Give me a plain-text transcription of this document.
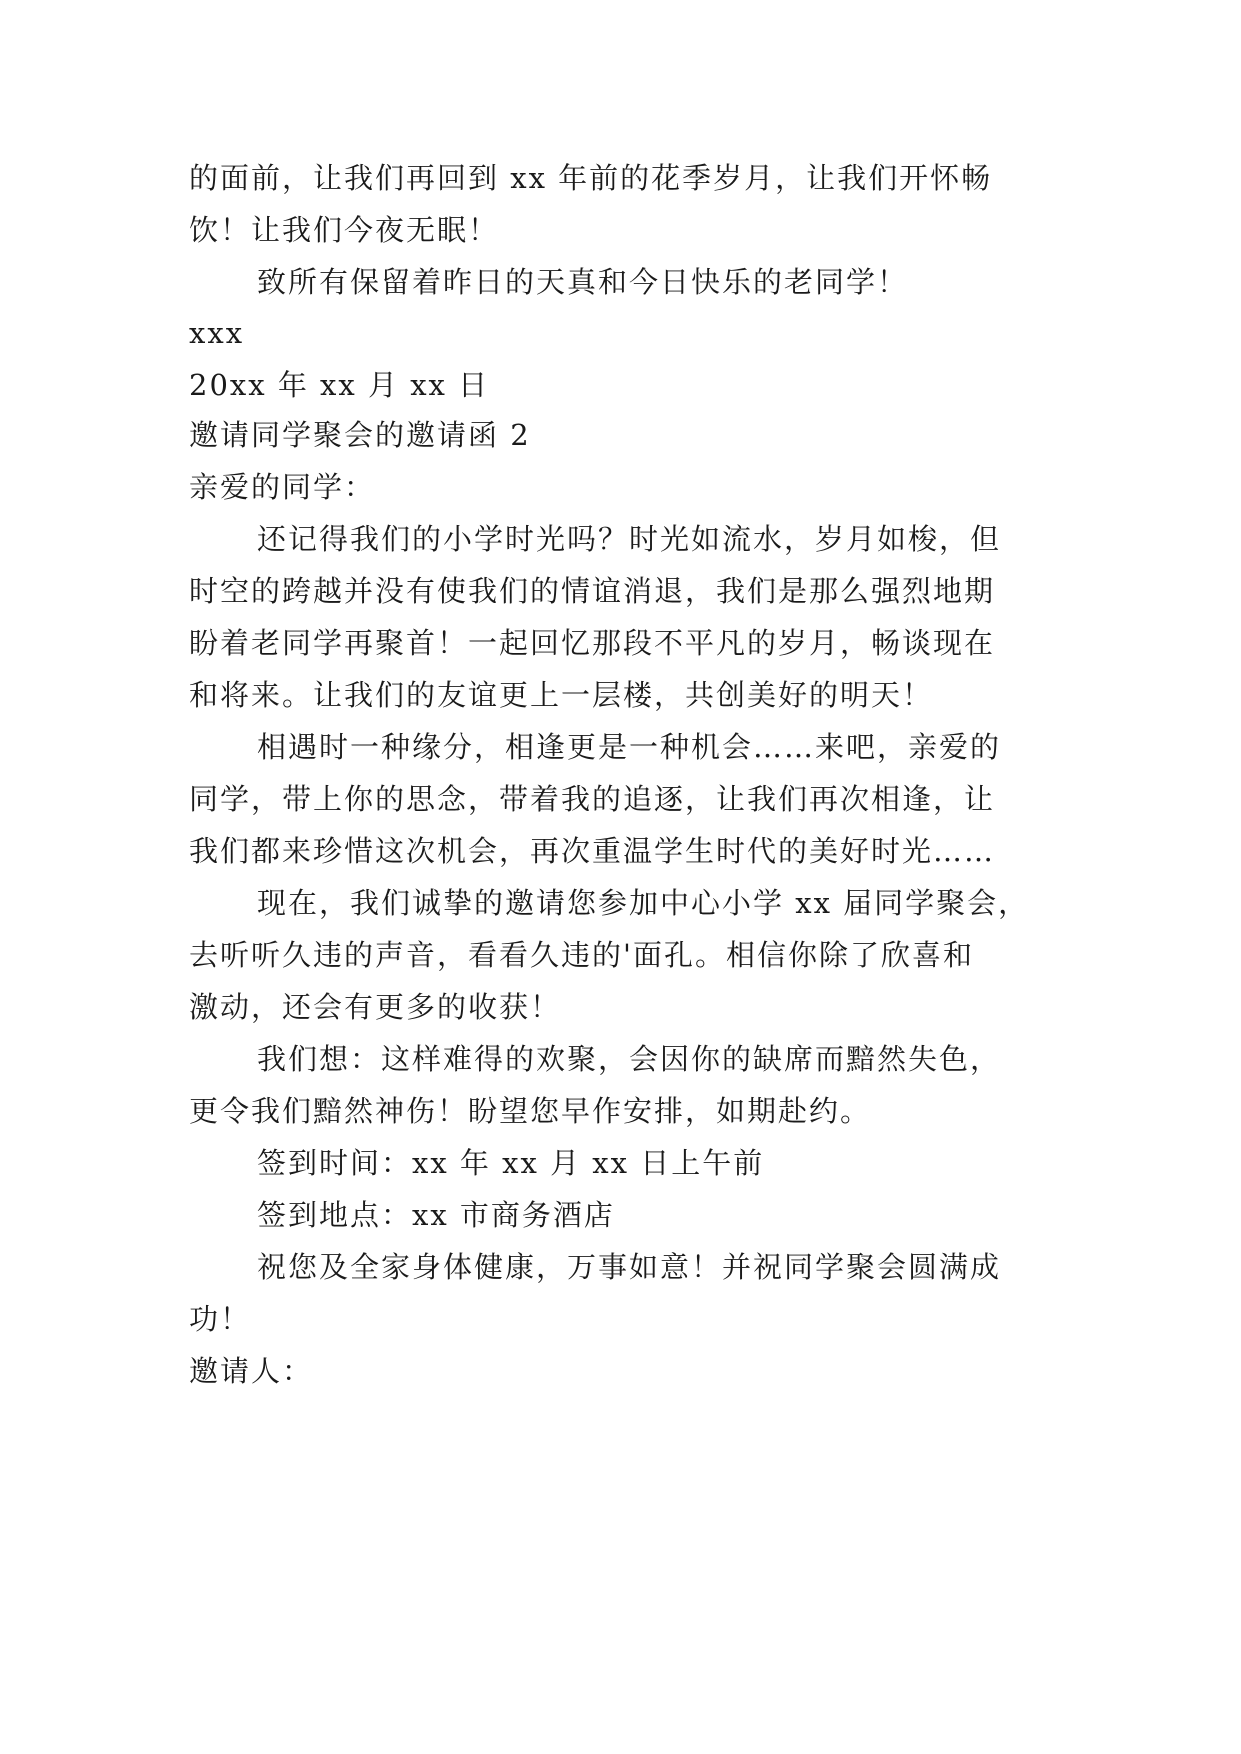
的面前，让我们再回到 xx 年前的花季岁月，让我们开怀畅
饮！让我们今夜无眠！
致所有保留着昨日的天真和今日快乐的老同学！
xxx
20xx 年 xx 月 xx 日
邀请同学聚会的邀请函 2
亲爱的同学：
还记得我们的小学时光吗？时光如流水，岁月如梭，但
时空的跨越并没有使我们的情谊消退，我们是那么强烈地期
盼着老同学再聚首！一起回忆那段不平凡的岁月，畅谈现在
和将来。让我们的友谊更上一层楼，共创美好的明天！
相遇时一种缘分，相逢更是一种机会……来吧，亲爱的
同学，带上你的思念，带着我的追逐，让我们再次相逢，让
我们都来珍惜这次机会，再次重温学生时代的美好时光……
现在，我们诚挚的邀请您参加中心小学 xx 届同学聚会，
去听听久违的声音，看看久违的'面孔。相信你除了欣喜和
激动，还会有更多的收获！
我们想：这样难得的欢聚，会因你的缺席而黯然失色，
更令我们黯然神伤！盼望您早作安排，如期赴约。
签到时间：xx 年 xx 月 xx 日上午前
签到地点：xx 市商务酒店
祝您及全家身体健康，万事如意！并祝同学聚会圆满成
功！
邀请人：
